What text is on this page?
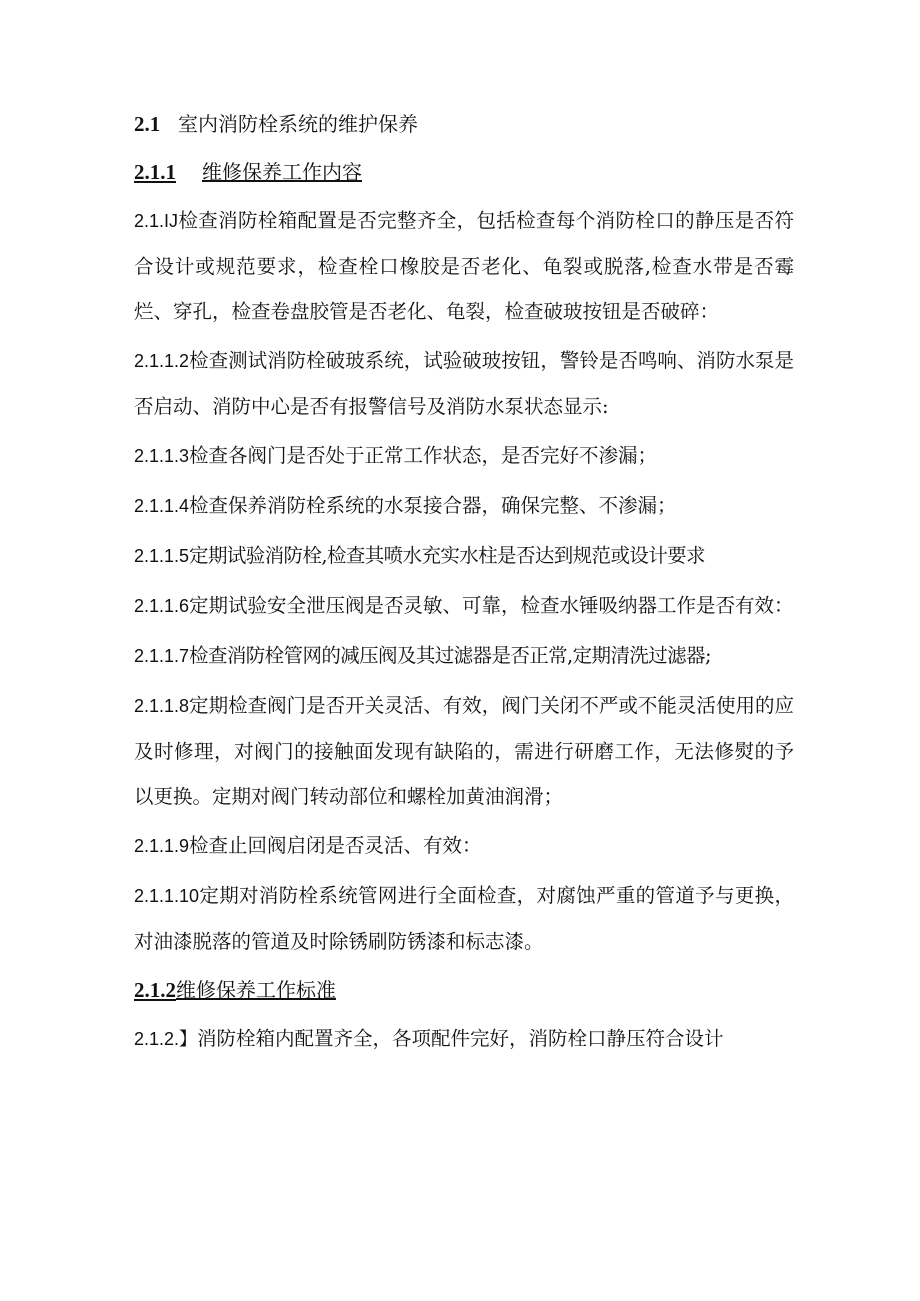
2.1 室内消防栓系统的维护保养
2.1.1 维修保养工作内容

2.1.IJ检查消防栓箱配置是否完整齐全，包括检查每个消防栓口的静压是否符合设计或规范要求，检查栓口橡胶是否老化、龟裂或脱落,检查水带是否霉烂、穿孔，检查卷盘胶管是否老化、龟裂，检查破玻按钮是否破碎：

2.1.1.2检查测试消防栓破玻系统，试验破玻按钮，警铃是否鸣响、消防水泵是否启动、消防中心是否有报警信号及消防水泵状态显示:

2.1.1.3检查各阀门是否处于正常工作状态，是否完好不渗漏；

2.1.1.4检查保养消防栓系统的水泵接合器，确保完整、不渗漏；

2.1.1.5定期试验消防栓,检查其喷水充实水柱是否达到规范或设计要求

2.1.1.6定期试验安全泄压阀是否灵敏、可靠，检查水锤吸纳器工作是否有效：

2.1.1.7检查消防栓管网的减压阀及其过滤器是否正常,定期清洗过滤器;

2.1.1.8定期检查阀门是否开关灵活、有效，阀门关闭不严或不能灵活使用的应及时修理，对阀门的接触面发现有缺陷的，需进行研磨工作，无法修熨的予以更换。定期对阀门转动部位和螺栓加黄油润滑；

2.1.1.9检查止回阀启闭是否灵活、有效：

2.1.1.10定期对消防栓系统管网进行全面检查，对腐蚀严重的管道予与更换，对油漆脱落的管道及时除锈刷防锈漆和标志漆。

2.1.2维修保养工作标准

2.1.2.】消防栓箱内配置齐全，各项配件完好，消防栓口静压符合设计
